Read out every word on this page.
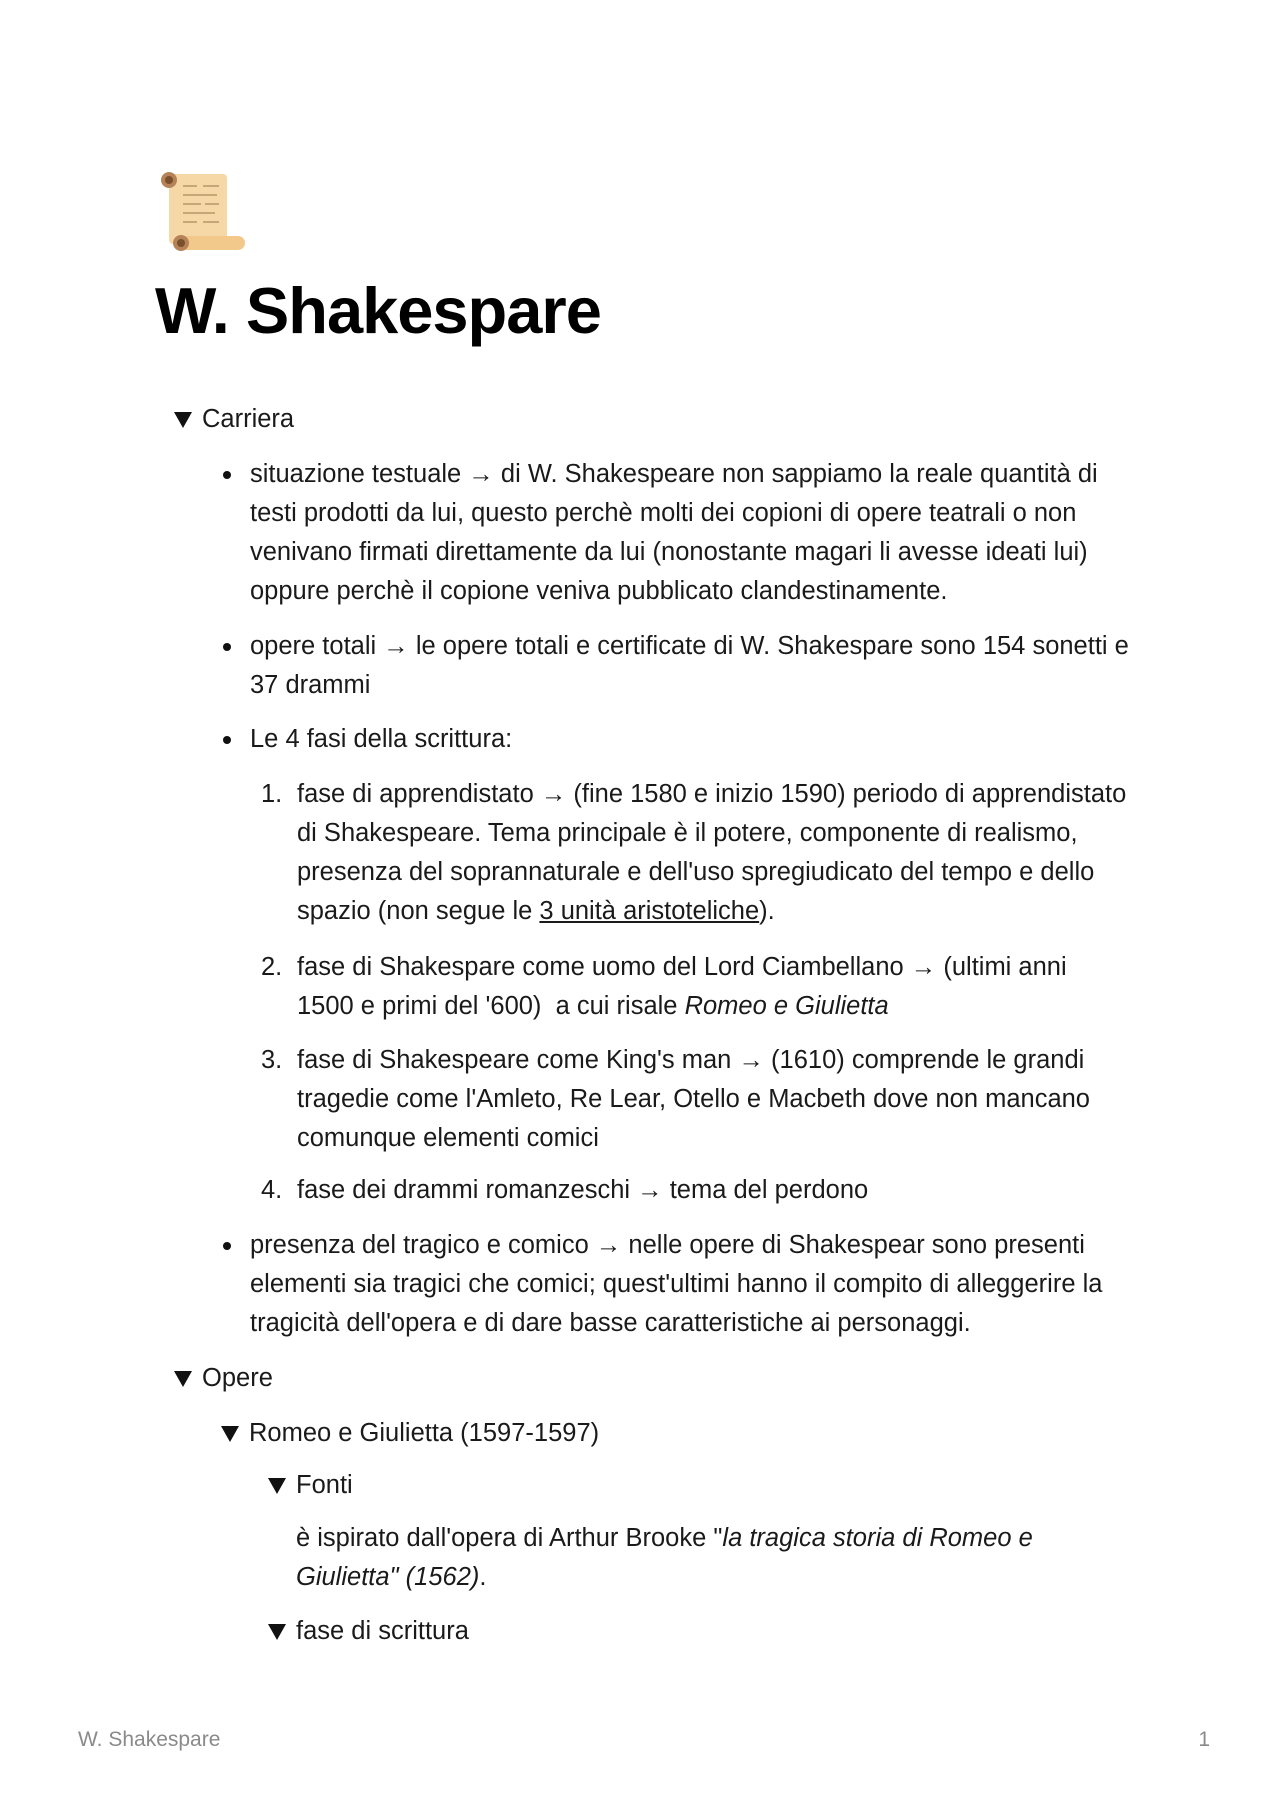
W. Shakespare
Carriera
situazione testuale → di W. Shakespeare non sappiamo la reale quantità di testi prodotti da lui, questo perchè molti dei copioni di opere teatrali o non venivano firmati direttamente da lui (nonostante magari li avesse ideati lui) oppure perchè il copione veniva pubblicato clandestinamente.
opere totali → le opere totali e certificate di W. Shakespare sono 154 sonetti e 37 drammi
Le 4 fasi della scrittura:
1. fase di apprendistato → (fine 1580 e inizio 1590) periodo di apprendistato di Shakespeare. Tema principale è il potere, componente di realismo, presenza del soprannaturale e dell'uso spregiudicato del tempo e dello spazio (non segue le 3 unità aristoteliche).
2. fase di Shakespare come uomo del Lord Ciambellano → (ultimi anni 1500 e primi del '600)  a cui risale Romeo e Giulietta
3. fase di Shakespeare come King's man → (1610) comprende le grandi tragedie come l'Amleto, Re Lear, Otello e Macbeth dove non mancano comunque elementi comici
4. fase dei drammi romanzeschi → tema del perdono
presenza del tragico e comico → nelle opere di Shakespear sono presenti elementi sia tragici che comici; quest'ultimi hanno il compito di alleggerire la tragicità dell'opera e di dare basse caratteristiche ai personaggi.
Opere
Romeo e Giulietta (1597-1597)
Fonti
è ispirato dall'opera di Arthur Brooke "la tragica storia di Romeo e Giulietta" (1562).
fase di scrittura
W. Shakespare	1
